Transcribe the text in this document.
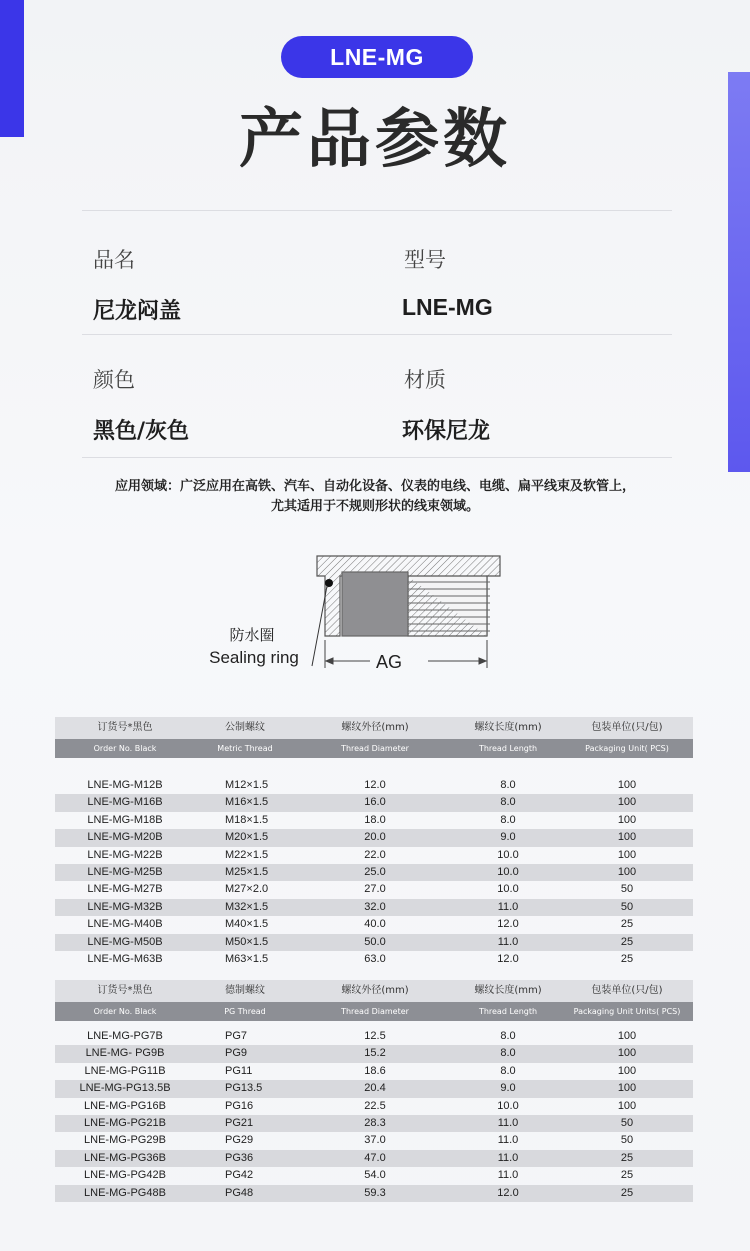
LNE-MG
产品参数
品名	型号
尼龙闷盖	LNE-MG
颜色	材质
黑色/灰色	环保尼龙
应用领域：广泛应用在高铁、汽车、自动化设备、仪表的电线、电缆、扁平线束及软管上，
尤其适用于不规则形状的线束领域。
AG
防水圈
Sealing ring
订货号*黑色	公制螺纹	螺纹外径(mm)	螺纹长度(mm)	包装单位(只/包)
Order No. Black	Metric Thread	Thread Diameter	Thread Length	Packaging Unit( PCS)
LNE-MG-M12B	M12×1.5	12.0	8.0	100
LNE-MG-M16B	M16×1.5	16.0	8.0	100
LNE-MG-M18B	M18×1.5	18.0	8.0	100
LNE-MG-M20B	M20×1.5	20.0	9.0	100
LNE-MG-M22B	M22×1.5	22.0	10.0	100
LNE-MG-M25B	M25×1.5	25.0	10.0	100
LNE-MG-M27B	M27×2.0	27.0	10.0	50
LNE-MG-M32B	M32×1.5	32.0	11.0	50
LNE-MG-M40B	M40×1.5	40.0	12.0	25
LNE-MG-M50B	M50×1.5	50.0	11.0	25
LNE-MG-M63B	M63×1.5	63.0	12.0	25
订货号*黑色	德制螺纹	螺纹外径(mm)	螺纹长度(mm)	包装单位(只/包)
Order No. Black	PG Thread	Thread Diameter	Thread Length	Packaging Unit Units( PCS)
LNE-MG-PG7B	PG7	12.5	8.0	100
LNE-MG- PG9B	PG9	15.2	8.0	100
LNE-MG-PG11B	PG11	18.6	8.0	100
LNE-MG-PG13.5B	PG13.5	20.4	9.0	100
LNE-MG-PG16B	PG16	22.5	10.0	100
LNE-MG-PG21B	PG21	28.3	11.0	50
LNE-MG-PG29B	PG29	37.0	11.0	50
LNE-MG-PG36B	PG36	47.0	11.0	25
LNE-MG-PG42B	PG42	54.0	11.0	25
LNE-MG-PG48B	PG48	59.3	12.0	25
